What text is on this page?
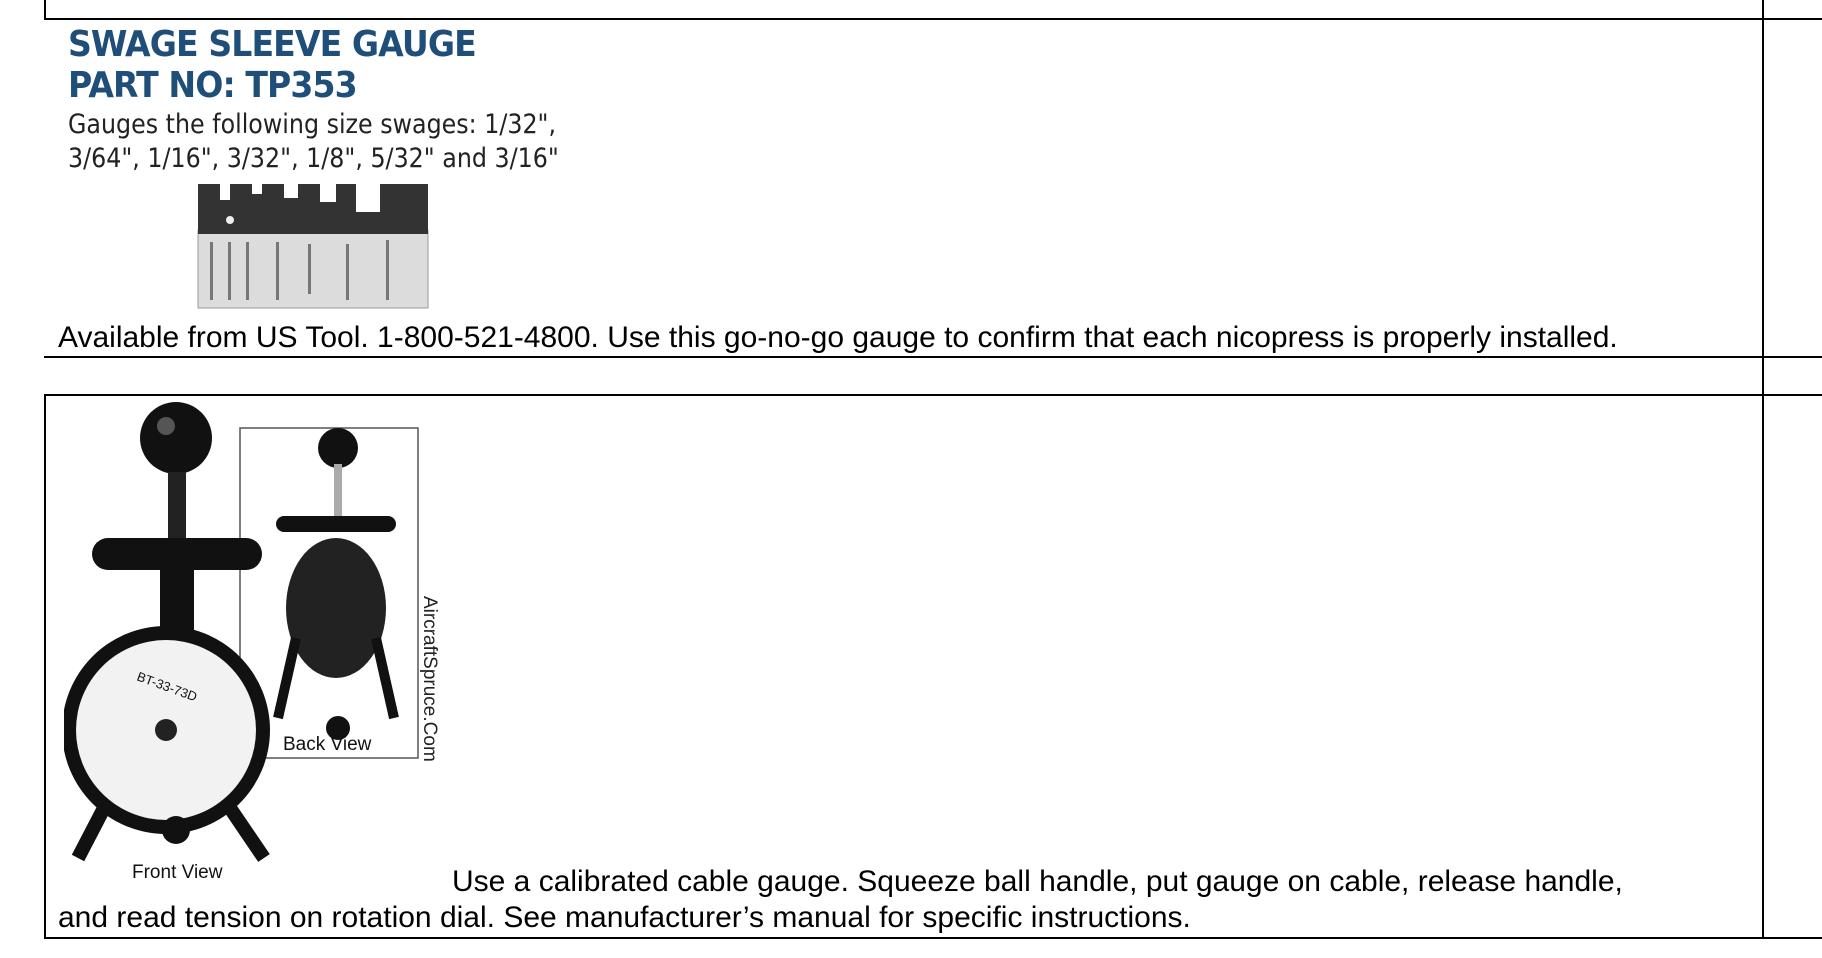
SWAGE SLEEVE GAUGE
PART NO: TP353
Gauges the following size swages: 1/32",
3/64", 1/16", 3/32", 1/8", 5/32" and 3/16"
Available from US Tool. 1-800-521-4800. Use this go-no-go gauge to confirm that each nicopress is properly installed.
BT-33-73D
Back View
Front View
AircraftSpruce.Com
Use a calibrated cable gauge. Squeeze ball handle, put gauge on cable, release handle,
and read tension on rotation dial. See manufacturer’s manual for specific instructions.
